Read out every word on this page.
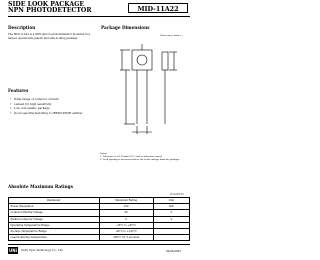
SIDE LOOK PACKAGE
NPN PHOTODETECTOR	MID-11A22
Description
The MID-11A22 is a NPN silicon phototransistor mounted in a lensed, special side plastic and side-looking package.
Package Dimensions
Units: mm ( inches )
Features
• Wide range of collector current
• Lensed for high sensitivity
• Low cost plastic package
• Good spectral matching to IRED/LED/IR emitter
Notes:
1. Tolerance is ±0.25mm(.010") unless otherwise noted.
2. Lead spacing is measured where the leads emerge from the package.
Absolute Maximum Ratings
(T A=25°C)
Parameter	Maximum Rating	Unit
Power Dissipation	100	mW
Collector-Emitter Voltage	30	V
Emitter-Collector Voltage	5	V
Operating Temperature Range	-25°C to +85°C	
Storage Temperature Range	-40°C to +100°C	
Lead Soldering Temperature	260°C for 5 seconds	
UNi	Unity Opto Technology Co., Ltd.	02/04/2003
